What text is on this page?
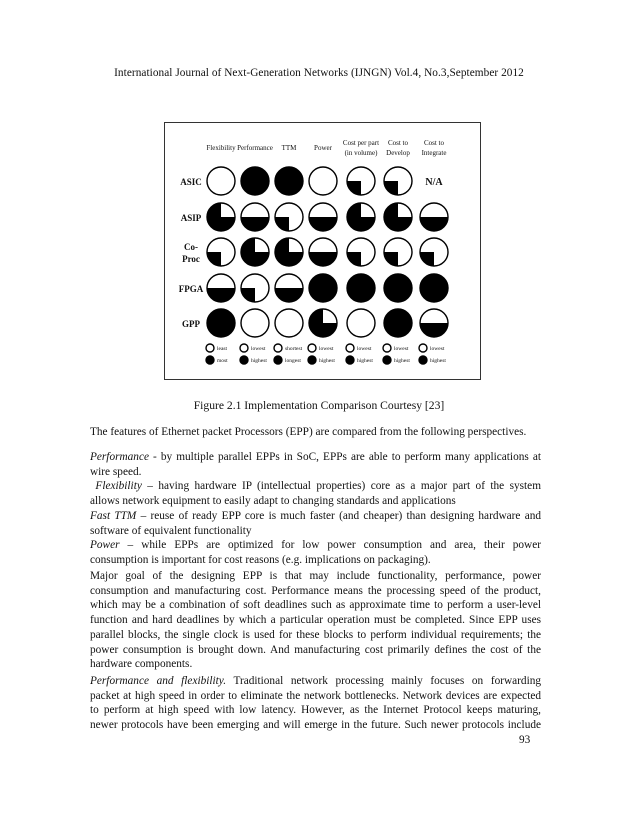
International Journal of Next-Generation Networks (IJNGN) Vol.4, No.3,September 2012
Flexibility Performance TTM	Power
Cost per part
(in volume)
Cost to
Develop
Cost to
Integrate
ASIC
ASIP
Co-
Proc
FPGA
GPP
N/A
least
most
lowest
highest
shortest
longest
lowest
highest
lowest
highest
lowest
highest
lowest
highest
Figure 2.1 Implementation Comparison Courtesy [23]
The features of Ethernet packet Processors (EPP) are compared from the following perspectives.
Performance - by multiple parallel EPPs in SoC, EPPs are able to perform many applications at
wire speed.
Flexibility – having hardware IP (intellectual properties) core as a major part of the system
allows network equipment to easily adapt to changing standards and applications
Fast TTM – reuse of ready EPP core is much faster (and cheaper) than designing hardware and
software of equivalent functionality
Power – while EPPs are optimized for low power consumption and area, their power
consumption is important for cost reasons (e.g. implications on packaging).
Major goal of the designing EPP is that may include functionality, performance, power
consumption and manufacturing cost. Performance means the processing speed of the product,
which may be a combination of soft deadlines such as approximate time to perform a user-level
function and hard deadlines by which a particular operation must be completed. Since EPP uses
parallel blocks, the single clock is used for these blocks to perform individual requirements; the
power consumption is brought down. And manufacturing cost primarily defines the cost of the
hardware components.
Performance and flexibility. Traditional network processing mainly focuses on forwarding
packet at high speed in order to eliminate the network bottlenecks. Network devices are expected
to perform at high speed with low latency. However, as the Internet Protocol keeps maturing,
newer protocols have been emerging and will emerge in the future. Such newer protocols include
93
